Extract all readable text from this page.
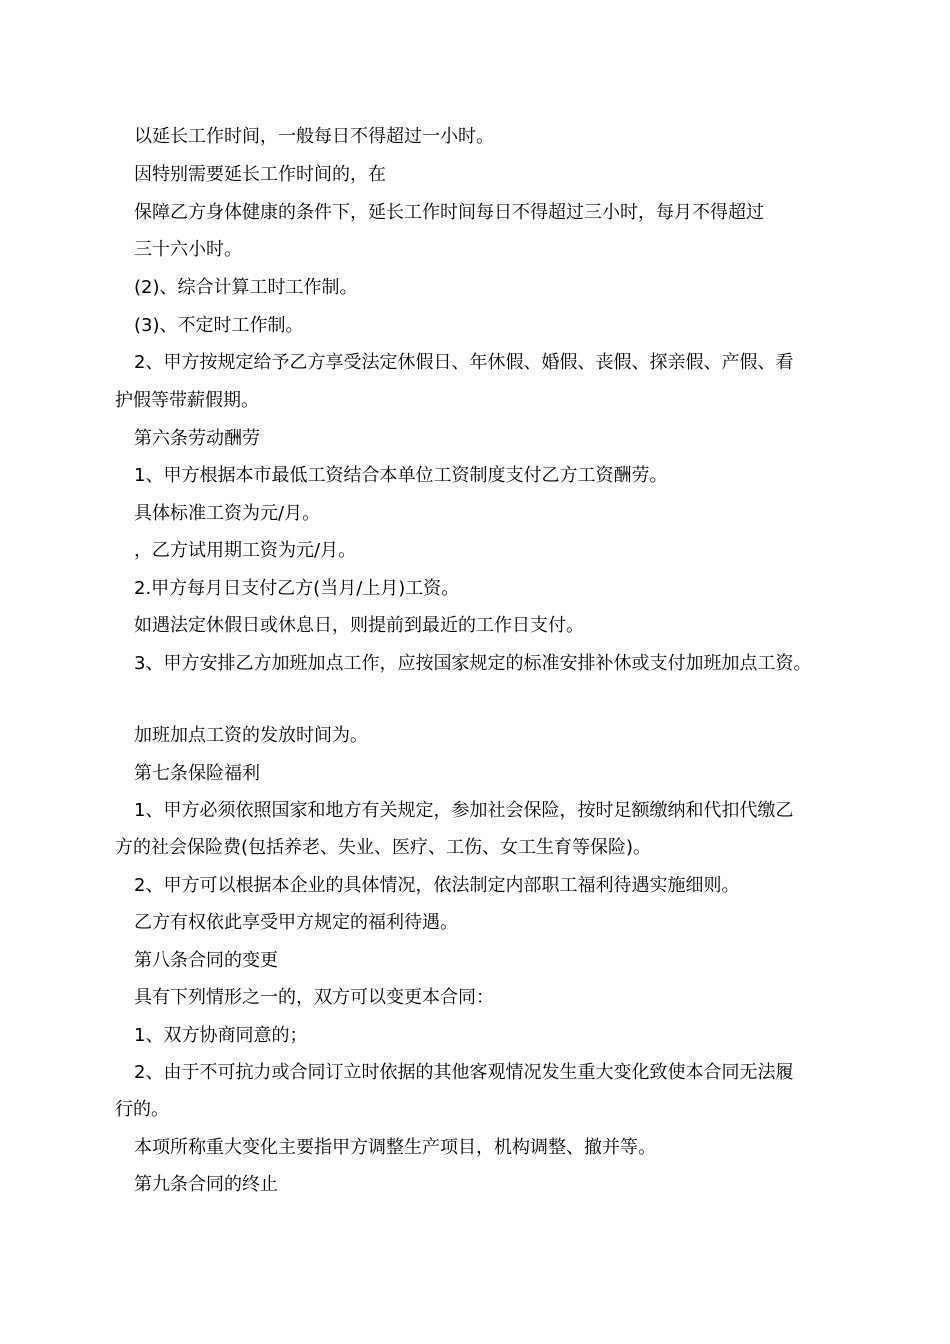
以延长工作时间，一般每日不得超过一小时。
因特别需要延长工作时间的，在
保障乙方身体健康的条件下，延长工作时间每日不得超过三小时，每月不得超过
三十六小时。
(2)、综合计算工时工作制。
(3)、不定时工作制。
2、甲方按规定给予乙方享受法定休假日、年休假、婚假、丧假、探亲假、产假、看
护假等带薪假期。
第六条劳动酬劳
1、甲方根据本市最低工资结合本单位工资制度支付乙方工资酬劳。
具体标准工资为元/月。
，乙方试用期工资为元/月。
2.甲方每月日支付乙方(当月/上月)工资。
如遇法定休假日或休息日，则提前到最近的工作日支付。
3、甲方安排乙方加班加点工作，应按国家规定的标准安排补休或支付加班加点工资。
加班加点工资的发放时间为。
第七条保险福利
1、甲方必须依照国家和地方有关规定，参加社会保险，按时足额缴纳和代扣代缴乙
方的社会保险费(包括养老、失业、医疗、工伤、女工生育等保险)。
2、甲方可以根据本企业的具体情况，依法制定内部职工福利待遇实施细则。
乙方有权依此享受甲方规定的福利待遇。
第八条合同的变更
具有下列情形之一的，双方可以变更本合同：
1、双方协商同意的；
2、由于不可抗力或合同订立时依据的其他客观情况发生重大变化致使本合同无法履
行的。
本项所称重大变化主要指甲方调整生产项目，机构调整、撤并等。
第九条合同的终止
